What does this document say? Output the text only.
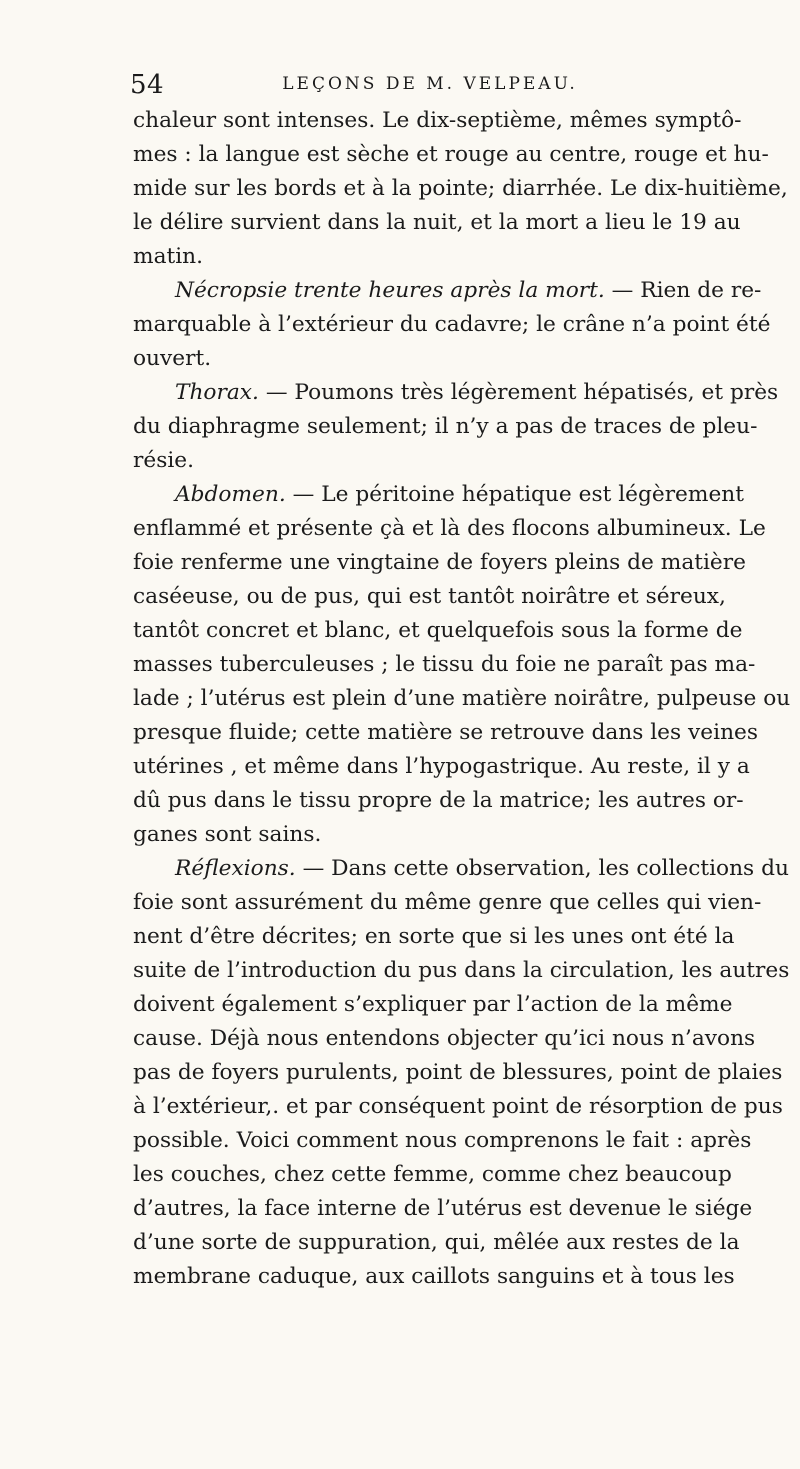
54	LEÇONS DE M. VELPEAU.
chaleur sont intenses. Le dix-septième, mêmes symptô-
mes : la langue est sèche et rouge au centre, rouge et hu-
mide sur les bords et à la pointe; diarrhée. Le dix-huitième,
le délire survient dans la nuit, et la mort a lieu le 19 au
matin.
Nécropsie trente heures après la mort. — Rien de re-
marquable à l’extérieur du cadavre; le crâne n’a point été
ouvert.
Thorax. — Poumons très légèrement hépatisés, et près
du diaphragme seulement; il n’y a pas de traces de pleu-
résie.
Abdomen. — Le péritoine hépatique est légèrement
enflammé et présente çà et là des flocons albumineux. Le
foie renferme une vingtaine de foyers pleins de matière
caséeuse, ou de pus, qui est tantôt noirâtre et séreux,
tantôt concret et blanc, et quelquefois sous la forme de
masses tuberculeuses ; le tissu du foie ne paraît pas ma-
lade ; l’utérus est plein d’une matière noirâtre, pulpeuse ou
presque fluide; cette matière se retrouve dans les veines
utérines , et même dans l’hypogastrique. Au reste, il y a
dû pus dans le tissu propre de la matrice; les autres or-
ganes sont sains.
Réflexions. — Dans cette observation, les collections du
foie sont assurément du même genre que celles qui vien-
nent d’être décrites; en sorte que si les unes ont été la
suite de l’introduction du pus dans la circulation, les autres
doivent également s’expliquer par l’action de la même
cause. Déjà nous entendons objecter qu’ici nous n’avons
pas de foyers purulents, point de blessures, point de plaies
à l’extérieur,. et par conséquent point de résorption de pus
possible. Voici comment nous comprenons le fait : après
les couches, chez cette femme, comme chez beaucoup
d’autres, la face interne de l’utérus est devenue le siége
d’une sorte de suppuration, qui, mêlée aux restes de la
membrane caduque, aux caillots sanguins et à tous les
